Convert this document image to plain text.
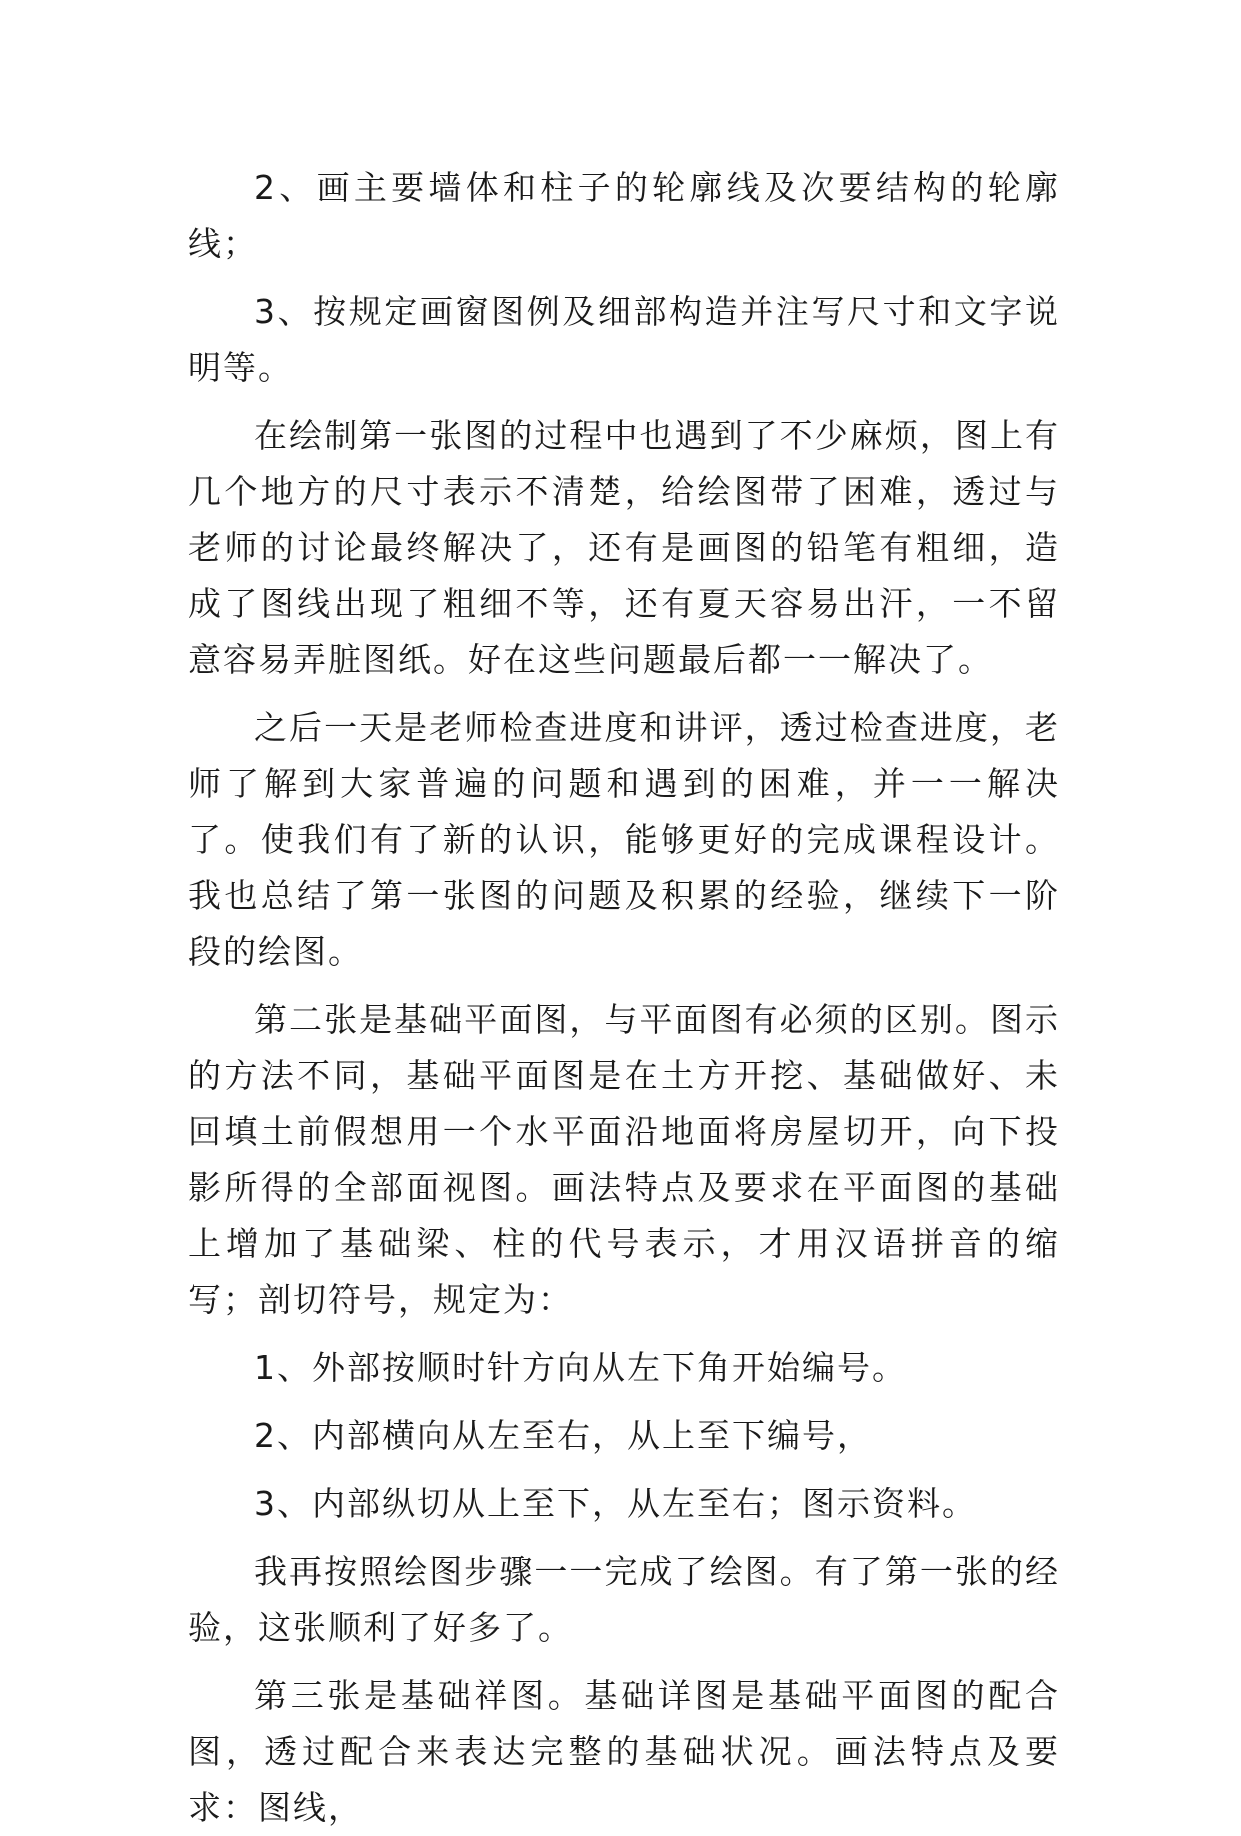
2、画主要墙体和柱子的轮廓线及次要结构的轮廓线；

3、按规定画窗图例及细部构造并注写尺寸和文字说明等。

在绘制第一张图的过程中也遇到了不少麻烦，图上有几个地方的尺寸表示不清楚，给绘图带了困难，透过与老师的讨论最终解决了，还有是画图的铅笔有粗细，造成了图线出现了粗细不等，还有夏天容易出汗，一不留意容易弄脏图纸。好在这些问题最后都一一解决了。

之后一天是老师检查进度和讲评，透过检查进度，老师了解到大家普遍的问题和遇到的困难，并一一解决了。使我们有了新的认识，能够更好的完成课程设计。我也总结了第一张图的问题及积累的经验，继续下一阶段的绘图。

第二张是基础平面图，与平面图有必须的区别。图示的方法不同，基础平面图是在土方开挖、基础做好、未回填土前假想用一个水平面沿地面将房屋切开，向下投影所得的全部面视图。画法特点及要求在平面图的基础上增加了基础梁、柱的代号表示，才用汉语拼音的缩写；剖切符号，规定为：

1、外部按顺时针方向从左下角开始编号。

2、内部横向从左至右，从上至下编号，

3、内部纵切从上至下，从左至右；图示资料。

我再按照绘图步骤一一完成了绘图。有了第一张的经验，这张顺利了好多了。

第三张是基础祥图。基础详图是基础平面图的配合图，透过配合来表达完整的基础状况。画法特点及要求：图线，
